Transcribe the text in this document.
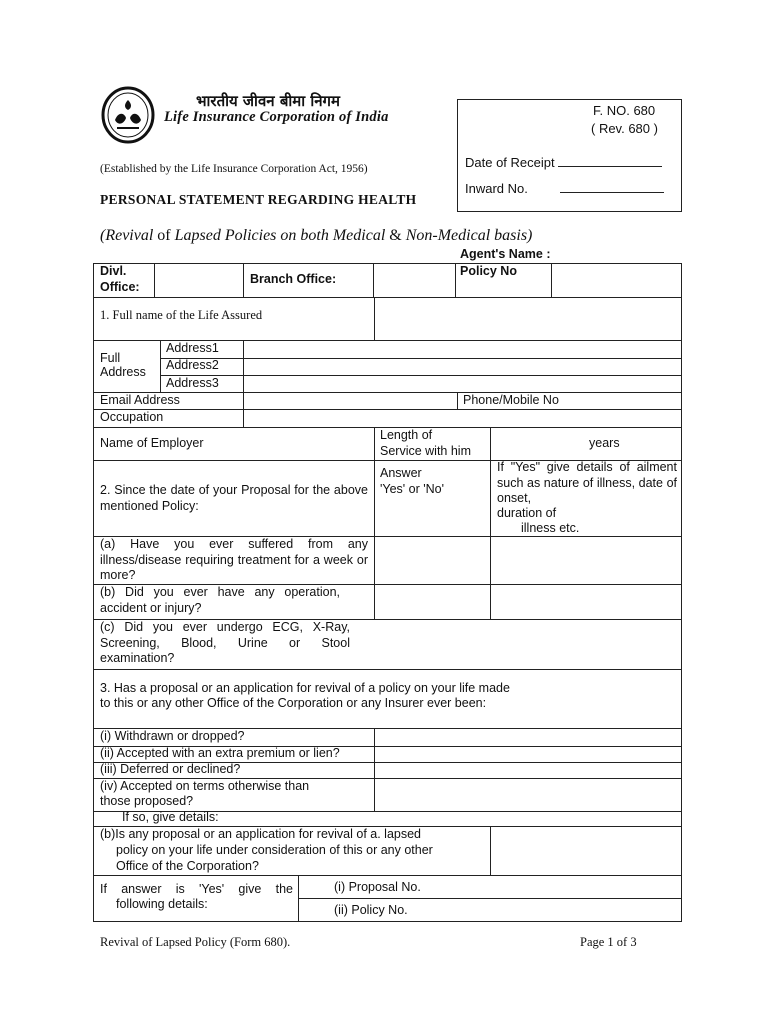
भारतीय जीवन बीमा निगम
Life Insurance Corporation of India
(Established by the Life Insurance Corporation Act, 1956)
PERSONAL STATEMENT REGARDING HEALTH
(Revival of Lapsed Policies on both Medical & Non-Medical basis)
Agent's Name :
F. NO. 680
( Rev. 680 )
Date of Receipt
Inward No.
Divl.
Office:
Branch Office:
Policy No
1. Full name of the Life Assured
Full
Address
Address1
Address2
Address3
Email Address	Phone/Mobile No
Occupation
Name of Employer
Length of
Service with him
years
2. Since the date of your Proposal for the above mentioned Policy:
Answer
'Yes' or 'No'
If "Yes" give details of ailment such as nature of illness, date of onset,
duration of
illness etc.
(a) Have you ever suffered from any illness/disease requiring treatment for a week or more?
(b) Did you ever have any operation, accident or injury?
(c) Did you ever undergo ECG, X-Ray, Screening, Blood, Urine or Stool examination?
3. Has a proposal or an application for revival of a policy on your life made
to this or any other Office of the Corporation or any Insurer ever been:
(i) Withdrawn or dropped?
(ii) Accepted with an extra premium or lien?
(iii) Deferred or declined?
(iv) Accepted on terms otherwise than
those proposed?
If so, give details:
(b)Is any proposal or an application for revival of a. lapsed
policy on your life under consideration of this or any other
Office of the Corporation?
If answer is 'Yes' give the
following details:
(i) Proposal No.
(ii) Policy No.
Revival of Lapsed Policy (Form 680).	Page 1 of 3
